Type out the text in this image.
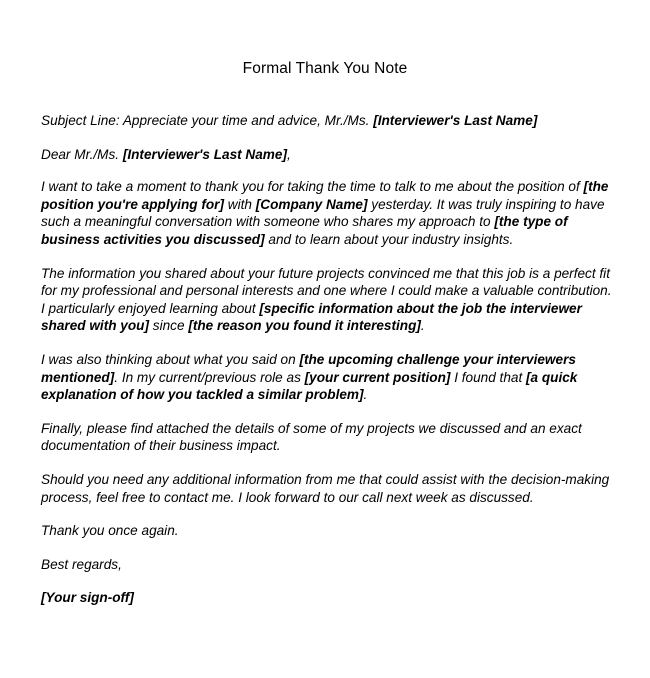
Formal Thank You Note

Subject Line: Appreciate your time and advice, Mr./Ms. [Interviewer's Last Name]

Dear Mr./Ms. [Interviewer's Last Name],

I want to take a moment to thank you for taking the time to talk to me about the position of [the position you're applying for] with [Company Name] yesterday. It was truly inspiring to have such a meaningful conversation with someone who shares my approach to [the type of business activities you discussed] and to learn about your industry insights.

The information you shared about your future projects convinced me that this job is a perfect fit for my professional and personal interests and one where I could make a valuable contribution. I particularly enjoyed learning about [specific information about the job the interviewer shared with you] since [the reason you found it interesting].

I was also thinking about what you said on [the upcoming challenge your interviewers mentioned]. In my current/previous role as [your current position] I found that [a quick explanation of how you tackled a similar problem].

Finally, please find attached the details of some of my projects we discussed and an exact documentation of their business impact.

Should you need any additional information from me that could assist with the decision-making process, feel free to contact me. I look forward to our call next week as discussed.

Thank you once again.

Best regards,

[Your sign-off]
